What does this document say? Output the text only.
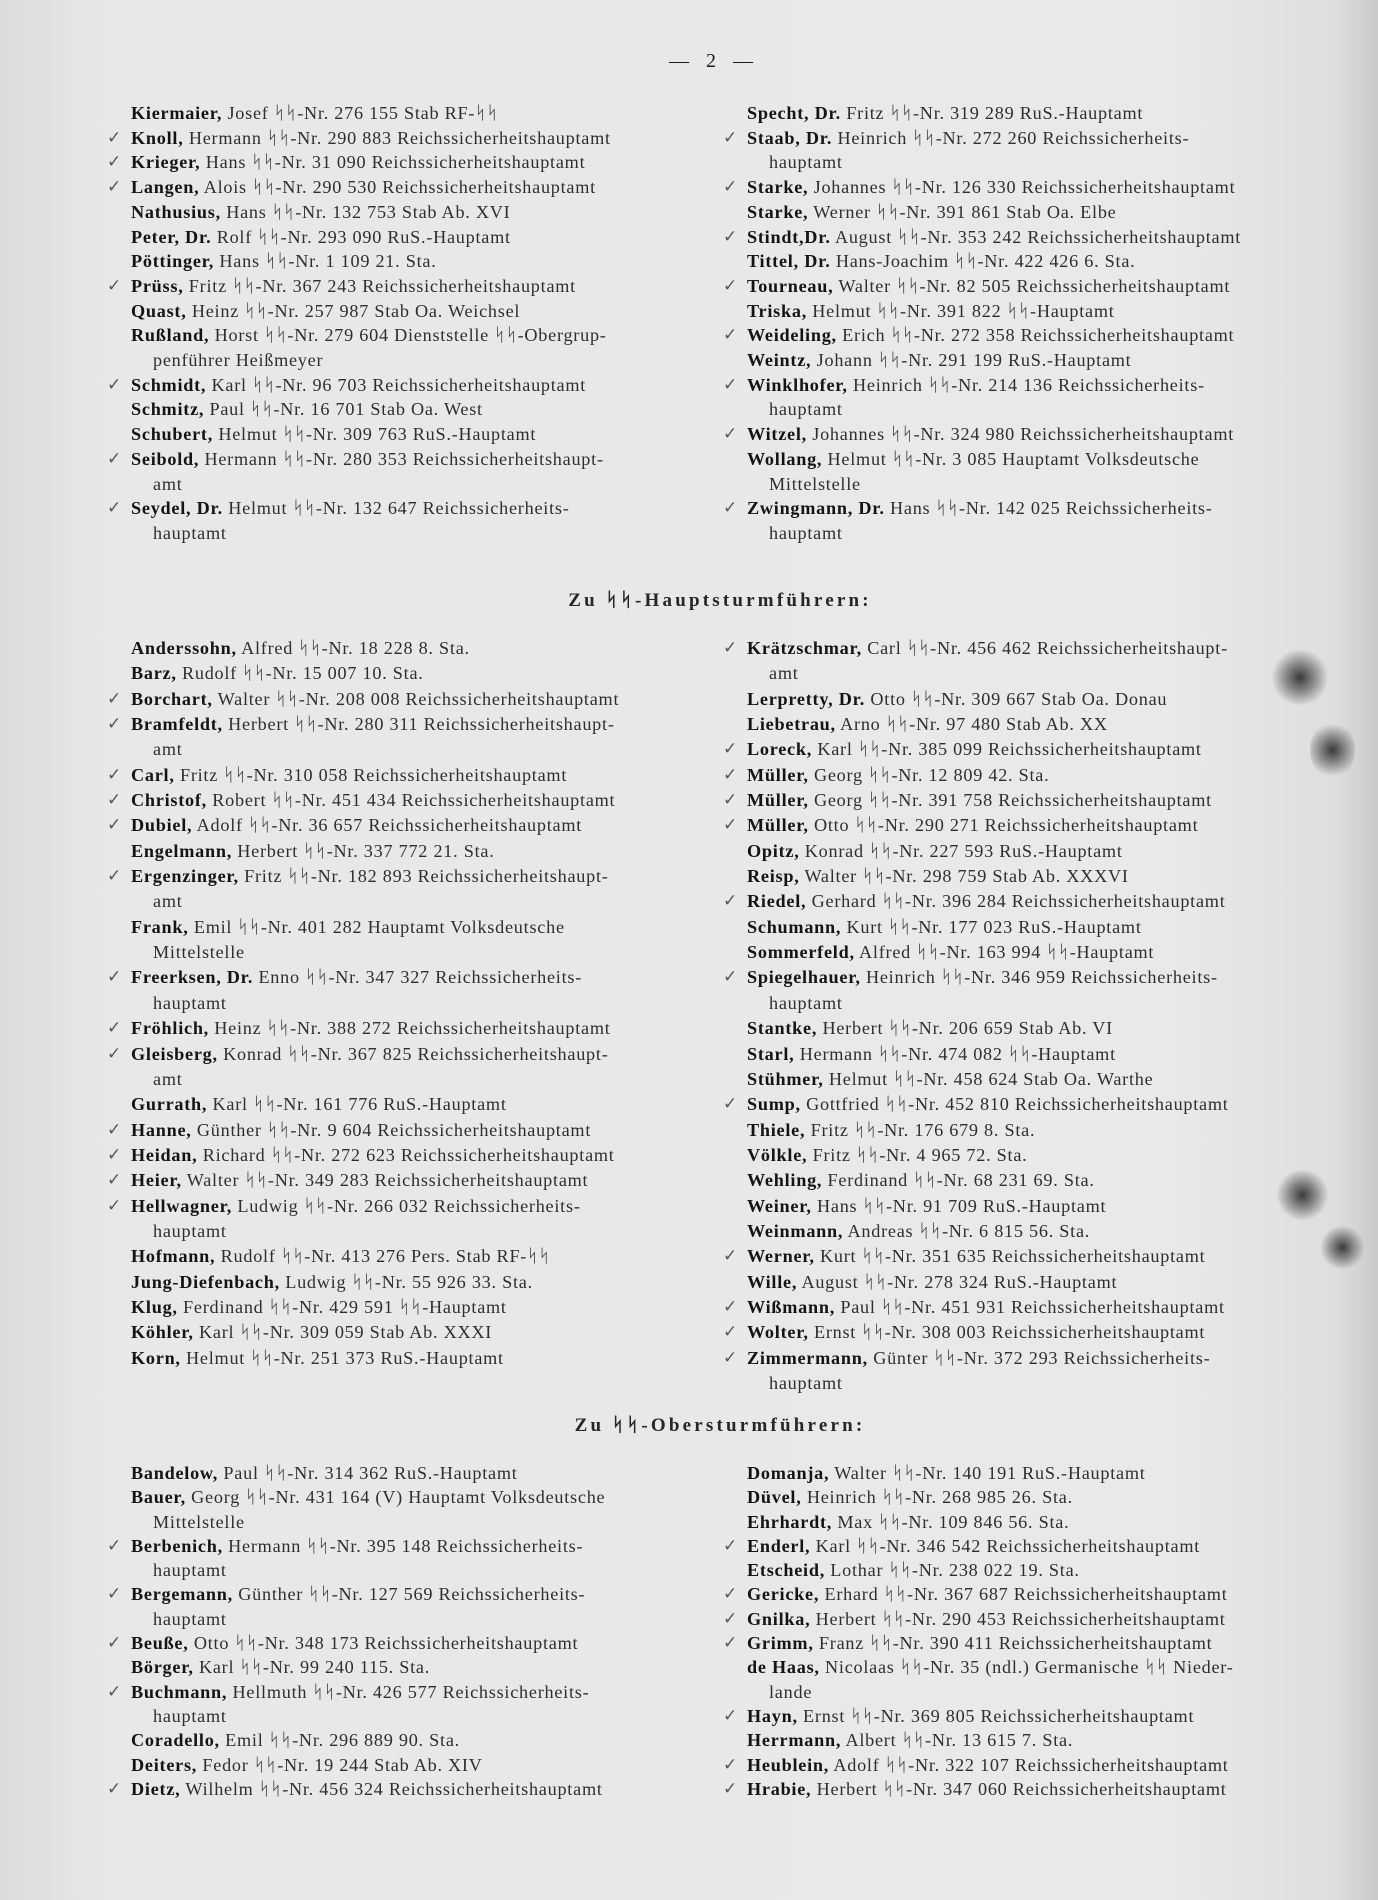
— 2 —
Kiermaier, Josef ᛋᛋ-Nr. 276 155 Stab RF-ᛋᛋ
✓ Knoll, Hermann ᛋᛋ-Nr. 290 883 Reichssicherheitshauptamt
✓ Krieger, Hans ᛋᛋ-Nr. 31 090 Reichssicherheitshauptamt
✓ Langen, Alois ᛋᛋ-Nr. 290 530 Reichssicherheitshauptamt
Nathusius, Hans ᛋᛋ-Nr. 132 753 Stab Ab. XVI
Peter, Dr. Rolf ᛋᛋ-Nr. 293 090 RuS.-Hauptamt
Pöttinger, Hans ᛋᛋ-Nr. 1 109 21. Sta.
✓ Prüss, Fritz ᛋᛋ-Nr. 367 243 Reichssicherheitshauptamt
Quast, Heinz ᛋᛋ-Nr. 257 987 Stab Oa. Weichsel
Rußland, Horst ᛋᛋ-Nr. 279 604 Dienststelle ᛋᛋ-Obergrup-
penführer Heißmeyer
✓ Schmidt, Karl ᛋᛋ-Nr. 96 703 Reichssicherheitshauptamt
Schmitz, Paul ᛋᛋ-Nr. 16 701 Stab Oa. West
Schubert, Helmut ᛋᛋ-Nr. 309 763 RuS.-Hauptamt
✓ Seibold, Hermann ᛋᛋ-Nr. 280 353 Reichssicherheitshaupt-
amt
✓ Seydel, Dr. Helmut ᛋᛋ-Nr. 132 647 Reichssicherheits-
hauptamt
Specht, Dr. Fritz ᛋᛋ-Nr. 319 289 RuS.-Hauptamt
✓ Staab, Dr. Heinrich ᛋᛋ-Nr. 272 260 Reichssicherheits-
hauptamt
✓ Starke, Johannes ᛋᛋ-Nr. 126 330 Reichssicherheitshauptamt
Starke, Werner ᛋᛋ-Nr. 391 861 Stab Oa. Elbe
✓ Stindt,Dr. August ᛋᛋ-Nr. 353 242 Reichssicherheitshauptamt
Tittel, Dr. Hans-Joachim ᛋᛋ-Nr. 422 426 6. Sta.
✓ Tourneau, Walter ᛋᛋ-Nr. 82 505 Reichssicherheitshauptamt
Triska, Helmut ᛋᛋ-Nr. 391 822 ᛋᛋ-Hauptamt
✓ Weideling, Erich ᛋᛋ-Nr. 272 358 Reichssicherheitshauptamt
Weintz, Johann ᛋᛋ-Nr. 291 199 RuS.-Hauptamt
✓ Winklhofer, Heinrich ᛋᛋ-Nr. 214 136 Reichssicherheits-
hauptamt
✓ Witzel, Johannes ᛋᛋ-Nr. 324 980 Reichssicherheitshauptamt
Wollang, Helmut ᛋᛋ-Nr. 3 085 Hauptamt Volksdeutsche
Mittelstelle
✓ Zwingmann, Dr. Hans ᛋᛋ-Nr. 142 025 Reichssicherheits-
hauptamt
Zu ᛋᛋ-Hauptsturmführern:
Anderssohn, Alfred ᛋᛋ-Nr. 18 228 8. Sta.
Barz, Rudolf ᛋᛋ-Nr. 15 007 10. Sta.
✓ Borchart, Walter ᛋᛋ-Nr. 208 008 Reichssicherheitshauptamt
✓ Bramfeldt, Herbert ᛋᛋ-Nr. 280 311 Reichssicherheitshaupt-
amt
✓ Carl, Fritz ᛋᛋ-Nr. 310 058 Reichssicherheitshauptamt
✓ Christof, Robert ᛋᛋ-Nr. 451 434 Reichssicherheitshauptamt
✓ Dubiel, Adolf ᛋᛋ-Nr. 36 657 Reichssicherheitshauptamt
Engelmann, Herbert ᛋᛋ-Nr. 337 772 21. Sta.
✓ Ergenzinger, Fritz ᛋᛋ-Nr. 182 893 Reichssicherheitshaupt-
amt
Frank, Emil ᛋᛋ-Nr. 401 282 Hauptamt Volksdeutsche
Mittelstelle
✓ Freerksen, Dr. Enno ᛋᛋ-Nr. 347 327 Reichssicherheits-
hauptamt
✓ Fröhlich, Heinz ᛋᛋ-Nr. 388 272 Reichssicherheitshauptamt
✓ Gleisberg, Konrad ᛋᛋ-Nr. 367 825 Reichssicherheitshaupt-
amt
Gurrath, Karl ᛋᛋ-Nr. 161 776 RuS.-Hauptamt
✓ Hanne, Günther ᛋᛋ-Nr. 9 604 Reichssicherheitshauptamt
✓ Heidan, Richard ᛋᛋ-Nr. 272 623 Reichssicherheitshauptamt
✓ Heier, Walter ᛋᛋ-Nr. 349 283 Reichssicherheitshauptamt
✓ Hellwagner, Ludwig ᛋᛋ-Nr. 266 032 Reichssicherheits-
hauptamt
Hofmann, Rudolf ᛋᛋ-Nr. 413 276 Pers. Stab RF-ᛋᛋ
Jung-Diefenbach, Ludwig ᛋᛋ-Nr. 55 926 33. Sta.
Klug, Ferdinand ᛋᛋ-Nr. 429 591 ᛋᛋ-Hauptamt
Köhler, Karl ᛋᛋ-Nr. 309 059 Stab Ab. XXXI
Korn, Helmut ᛋᛋ-Nr. 251 373 RuS.-Hauptamt
✓ Krätzschmar, Carl ᛋᛋ-Nr. 456 462 Reichssicherheitshaupt-
amt
Lerpretty, Dr. Otto ᛋᛋ-Nr. 309 667 Stab Oa. Donau
Liebetrau, Arno ᛋᛋ-Nr. 97 480 Stab Ab. XX
✓ Loreck, Karl ᛋᛋ-Nr. 385 099 Reichssicherheitshauptamt
✓ Müller, Georg ᛋᛋ-Nr. 12 809 42. Sta.
✓ Müller, Georg ᛋᛋ-Nr. 391 758 Reichssicherheitshauptamt
✓ Müller, Otto ᛋᛋ-Nr. 290 271 Reichssicherheitshauptamt
Opitz, Konrad ᛋᛋ-Nr. 227 593 RuS.-Hauptamt
Reisp, Walter ᛋᛋ-Nr. 298 759 Stab Ab. XXXVI
✓ Riedel, Gerhard ᛋᛋ-Nr. 396 284 Reichssicherheitshauptamt
Schumann, Kurt ᛋᛋ-Nr. 177 023 RuS.-Hauptamt
Sommerfeld, Alfred ᛋᛋ-Nr. 163 994 ᛋᛋ-Hauptamt
✓ Spiegelhauer, Heinrich ᛋᛋ-Nr. 346 959 Reichssicherheits-
hauptamt
Stantke, Herbert ᛋᛋ-Nr. 206 659 Stab Ab. VI
Starl, Hermann ᛋᛋ-Nr. 474 082 ᛋᛋ-Hauptamt
Stühmer, Helmut ᛋᛋ-Nr. 458 624 Stab Oa. Warthe
✓ Sump, Gottfried ᛋᛋ-Nr. 452 810 Reichssicherheitshauptamt
Thiele, Fritz ᛋᛋ-Nr. 176 679 8. Sta.
Völkle, Fritz ᛋᛋ-Nr. 4 965 72. Sta.
Wehling, Ferdinand ᛋᛋ-Nr. 68 231 69. Sta.
Weiner, Hans ᛋᛋ-Nr. 91 709 RuS.-Hauptamt
Weinmann, Andreas ᛋᛋ-Nr. 6 815 56. Sta.
✓ Werner, Kurt ᛋᛋ-Nr. 351 635 Reichssicherheitshauptamt
Wille, August ᛋᛋ-Nr. 278 324 RuS.-Hauptamt
✓ Wißmann, Paul ᛋᛋ-Nr. 451 931 Reichssicherheitshauptamt
✓ Wolter, Ernst ᛋᛋ-Nr. 308 003 Reichssicherheitshauptamt
✓ Zimmermann, Günter ᛋᛋ-Nr. 372 293 Reichssicherheits-
hauptamt
Zu ᛋᛋ-Obersturmführern:
Bandelow, Paul ᛋᛋ-Nr. 314 362 RuS.-Hauptamt
Bauer, Georg ᛋᛋ-Nr. 431 164 (V) Hauptamt Volksdeutsche
Mittelstelle
✓ Berbenich, Hermann ᛋᛋ-Nr. 395 148 Reichssicherheits-
hauptamt
✓ Bergemann, Günther ᛋᛋ-Nr. 127 569 Reichssicherheits-
hauptamt
✓ Beuße, Otto ᛋᛋ-Nr. 348 173 Reichssicherheitshauptamt
Börger, Karl ᛋᛋ-Nr. 99 240 115. Sta.
✓ Buchmann, Hellmuth ᛋᛋ-Nr. 426 577 Reichssicherheits-
hauptamt
Coradello, Emil ᛋᛋ-Nr. 296 889 90. Sta.
Deiters, Fedor ᛋᛋ-Nr. 19 244 Stab Ab. XIV
✓ Dietz, Wilhelm ᛋᛋ-Nr. 456 324 Reichssicherheitshauptamt
Domanja, Walter ᛋᛋ-Nr. 140 191 RuS.-Hauptamt
Düvel, Heinrich ᛋᛋ-Nr. 268 985 26. Sta.
Ehrhardt, Max ᛋᛋ-Nr. 109 846 56. Sta.
✓ Enderl, Karl ᛋᛋ-Nr. 346 542 Reichssicherheitshauptamt
Etscheid, Lothar ᛋᛋ-Nr. 238 022 19. Sta.
✓ Gericke, Erhard ᛋᛋ-Nr. 367 687 Reichssicherheitshauptamt
✓ Gnilka, Herbert ᛋᛋ-Nr. 290 453 Reichssicherheitshauptamt
✓ Grimm, Franz ᛋᛋ-Nr. 390 411 Reichssicherheitshauptamt
de Haas, Nicolaas ᛋᛋ-Nr. 35 (ndl.) Germanische ᛋᛋ Nieder-
lande
✓ Hayn, Ernst ᛋᛋ-Nr. 369 805 Reichssicherheitshauptamt
Herrmann, Albert ᛋᛋ-Nr. 13 615 7. Sta.
✓ Heublein, Adolf ᛋᛋ-Nr. 322 107 Reichssicherheitshauptamt
✓ Hrabie, Herbert ᛋᛋ-Nr. 347 060 Reichssicherheitshauptamt
